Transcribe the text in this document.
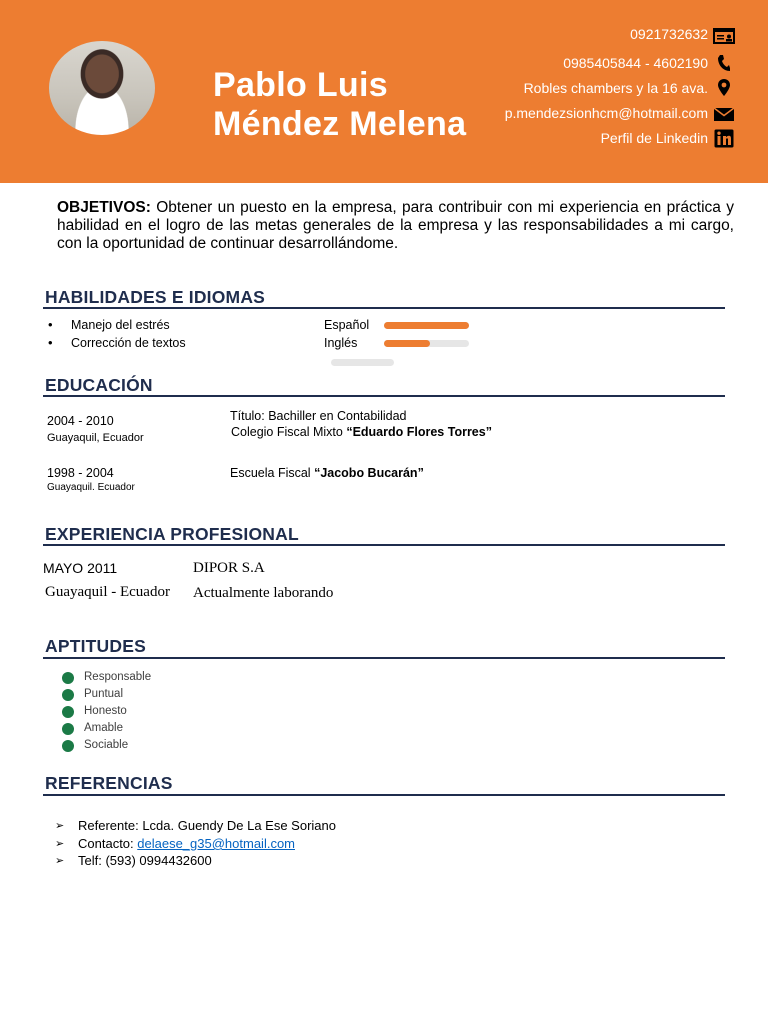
Pablo Luis
Méndez Melena
0921732632
0985405844 - 4602190
Robles chambers y la 16 ava.
p.mendezsionhcm@hotmail.com
Perfil de Linkedin
OBJETIVOS: Obtener un puesto en la empresa, para contribuir con mi experiencia en práctica y habilidad en el logro de las metas generales de la empresa y las responsabilidades a mi cargo, con la oportunidad de continuar desarrollándome.
HABILIDADES E IDIOMAS
• Manejo del estrés
• Corrección de textos
Español
Inglés
EDUCACIÓN
2004 - 2010
Guayaquil, Ecuador
Título: Bachiller en Contabilidad
Colegio Fiscal Mixto “Eduardo Flores Torres”
1998 - 2004
Guayaquil. Ecuador
Escuela Fiscal “Jacobo Bucarán”
EXPERIENCIA PROFESIONAL
MAYO 2011
Guayaquil - Ecuador
DIPOR S.A
Actualmente laborando
APTITUDES
Responsable
Puntual
Honesto
Amable
Sociable
REFERENCIAS
➢ Referente: Lcda. Guendy De La Ese Soriano
➢ Contacto: delaese_g35@hotmail.com
➢ Telf: (593) 0994432600
